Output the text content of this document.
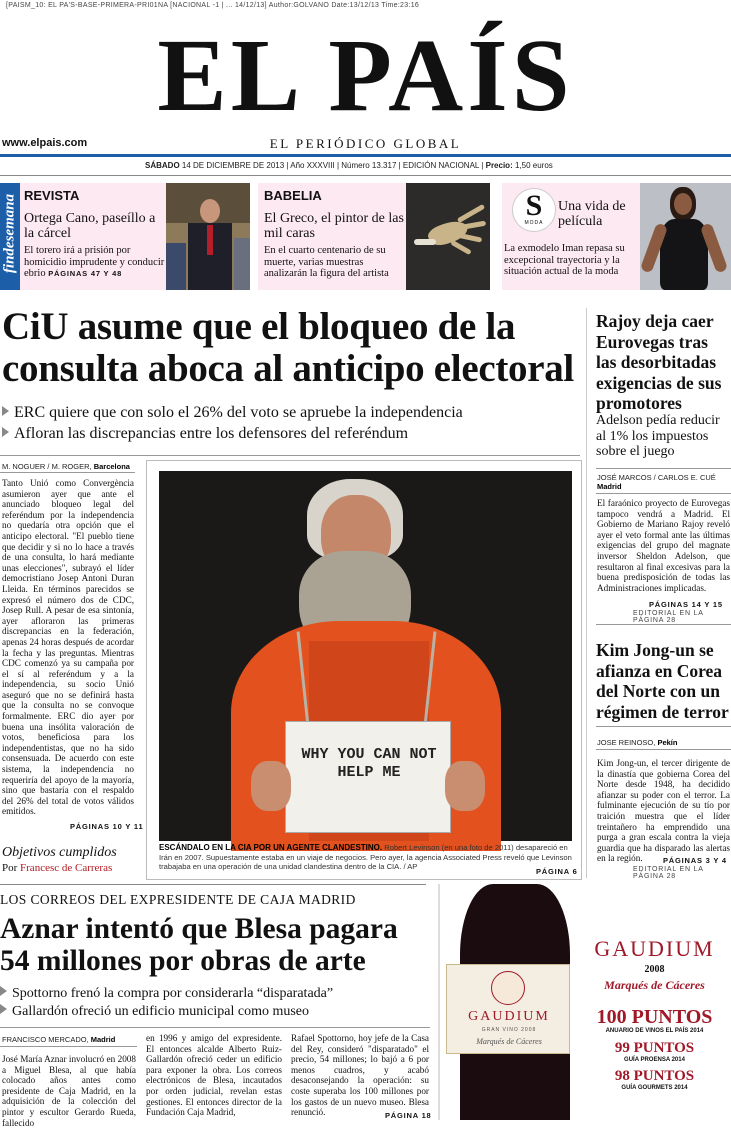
[PAISM_10: EL PA'S-BASE-PRIMERA-PRI01NA [NACIONAL -1 | ... 14/12/13] Author:GOLVANO Date:13/12/13 Time:23:16
EL PAÍS
www.elpais.com	EL PERIÓDICO GLOBAL
SÁBADO 14 DE DICIEMBRE DE 2013 | Año XXXVIII | Número 13.317 | EDICIÓN NACIONAL | Precio: 1,50 euros
findesemana REVISTA
Ortega Cano, paseíllo a la cárcel
El torero irá a prisión por homicidio imprudente y conducir ebrio PÁGINAS 47 Y 48
BABELIA
El Greco, el pintor de las mil caras
En el cuarto centenario de su muerte, varias muestras analizarán la figura del artista
S
MODA
Una vida de película
La exmodelo Iman repasa su excepcional trayectoria y la situación actual de la moda
CiU asume que el bloqueo de la consulta aboca al anticipo electoral
ERC quiere que con solo el 26% del voto se apruebe la independencia
Afloran las discrepancias entre los defensores del referéndum
M. NOGUER / M. ROGER, Barcelona
Tanto Unió como Convergència asumieron ayer que ante el anunciado bloqueo legal del referéndum por la independencia no quedaría otra opción que el anticipo electoral. "El pueblo tiene que decidir y si no lo hace a través de una consulta, lo hará mediante unas elecciones", subrayó el líder democristiano Josep Antoni Duran Lleida. En términos parecidos se expresó el número dos de CDC, Josep Rull. A pesar de esa sintonía, ayer afloraron las primeras discrepancias en la federación, apenas 24 horas después de acordar la fecha y las preguntas. Mientras CDC comenzó ya su campaña por el sí al referéndum y a la independencia, su socio Unió aseguró que no se definirá hasta que la consulta no se convoque formalmente. ERC dio ayer por buena una insólita valoración de votos, beneficiosa para los independentistas, que no ha sido consensuada. De acuerdo con este sistema, la independencia no requeriría del apoyo de la mayoría, sino que bastaría con el respaldo del 26% del total de votos válidos emitidos.
PÁGINAS 10 Y 11
Objetivos cumplidos
Por Francesc de Carreras
WHY YOU CAN NOT HELP ME
ESCÁNDALO EN LA CIA POR UN AGENTE CLANDESTINO. Robert Levinson (en una foto de 2011) desapareció en Irán en 2007. Supuestamente estaba en un viaje de negocios. Pero ayer, la agencia Associated Press reveló que Levinson trabajaba en una operación de una unidad clandestina dentro de la CIA. / AP
PÁGINA 6
Rajoy deja caer Eurovegas tras las desorbitadas exigencias de sus promotores
Adelson pedía reducir al 1% los impuestos sobre el juego
JOSÉ MARCOS / CARLOS E. CUÉ
Madrid
El faraónico proyecto de Eurovegas tampoco vendrá a Madrid. El Gobierno de Mariano Rajoy reveló ayer el veto formal ante las últimas exigencias del grupo del magnate inversor Sheldon Adelson, que resultaron al final excesivas para la buena predisposición de todas las Administraciones implicadas.
PÁGINAS 14 Y 15
EDITORIAL EN LA PÁGINA 28
Kim Jong-un se afianza en Corea del Norte con un régimen de terror
JOSE REINOSO, Pekín
Kim Jong-un, el tercer dirigente de la dinastía que gobierna Corea del Norte desde 1948, ha decidido afianzar su poder con el terror. La fulminante ejecución de su tío por traición muestra que el líder treintañero ha emprendido una purga a gran escala contra la vieja guardia que ha disparado las alertas en la región.	PÁGINAS 3 Y 4
EDITORIAL EN LA PÁGINA 28
LOS CORREOS DEL EXPRESIDENTE DE CAJA MADRID
Aznar intentó que Blesa pagara 54 millones por obras de arte
Spottorno frenó la compra por considerarla “disparatada”
Gallardón ofreció un edificio municipal como museo
FRANCISCO MERCADO, Madrid
José María Aznar involucró en 2008 a Miguel Blesa, al que había colocado años antes como presidente de Caja Madrid, en la adquisición de la colección del pintor y escultor Gerardo Rueda, fallecido
en 1996 y amigo del expresidente. El entonces alcalde Alberto Ruiz-Gallardón ofreció ceder un edificio para exponer la obra. Los correos electrónicos de Blesa, incautados por orden judicial, revelan estas gestiones. El entonces director de la Fundación Caja Madrid,
Rafael Spottorno, hoy jefe de la Casa del Rey, consideró "disparatado" el precio, 54 millones; lo bajó a 6 por menos cuadros, y acabó desaconsejando la operación: su coste superaba los 100 millones por los gastos de un nuevo museo. Blesa renunció.	PÁGINA 18
GAUDIUM
GRAN VINO 2008
Marqués de Cáceres
GAUDIUM
2008
Marqués de Cáceres
100 PUNTOS
ANUARIO DE VINOS EL PAÍS 2014
99 PUNTOS
GUÍA PROENSA 2014
98 PUNTOS
GUÍA GOURMETS 2014
